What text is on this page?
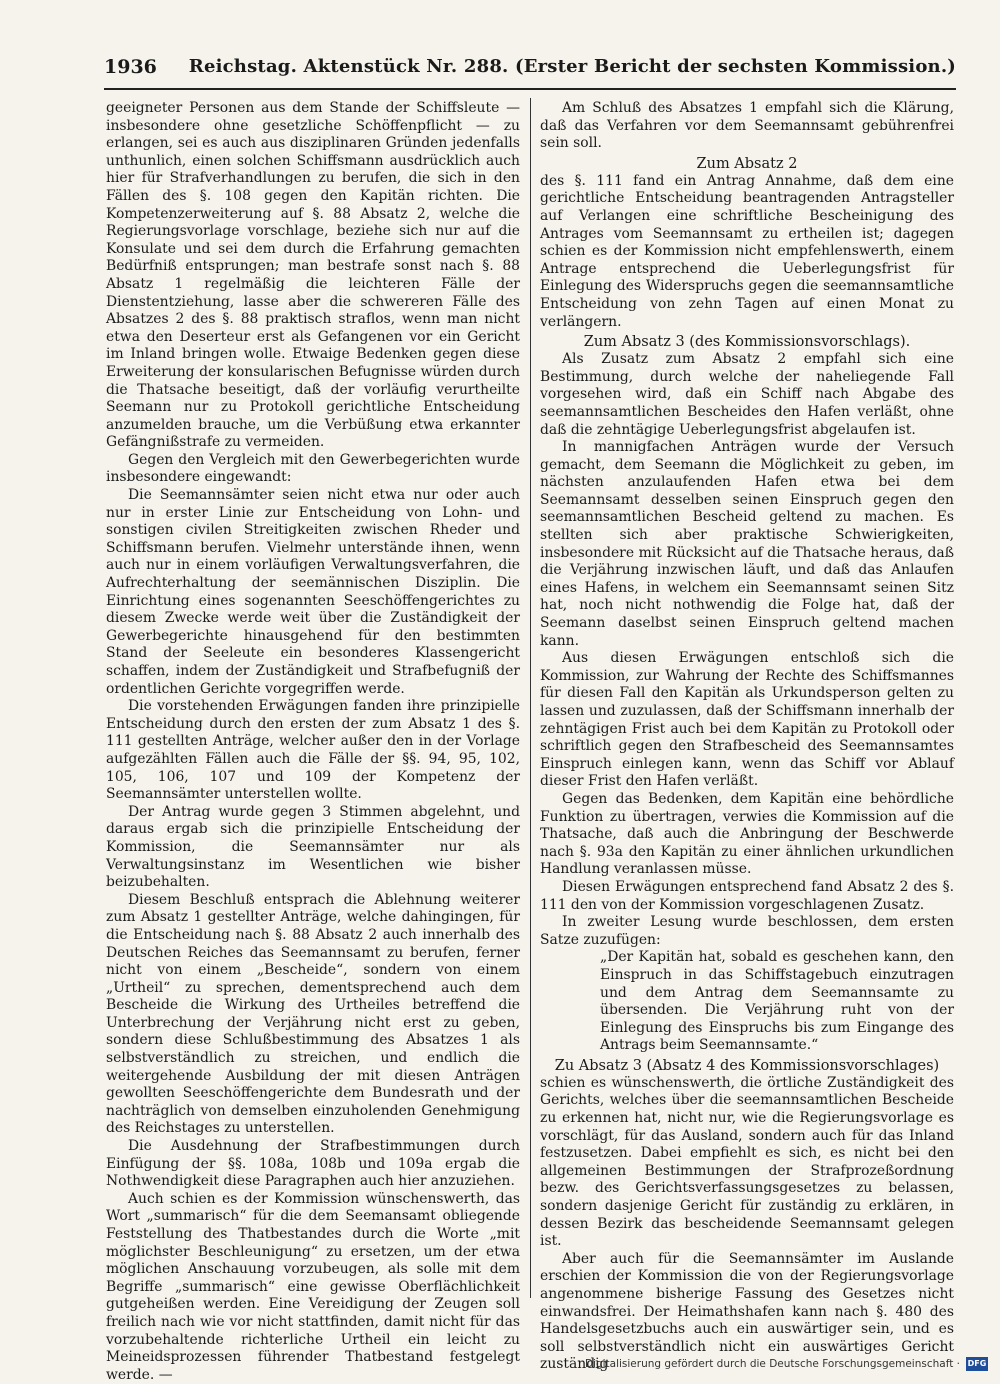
1936 Reichstag. Aktenstück Nr. 288. (Erster Bericht der sechsten Kommission.)

geeigneter Personen aus dem Stande der Schiffsleute — insbesondere ohne gesetzliche Schöffenpflicht — zu erlangen, sei es auch aus disziplinaren Gründen jedenfalls unthunlich, einen solchen Schiffsmann ausdrücklich auch hier für Strafverhandlungen zu berufen, die sich in den Fällen des §. 108 gegen den Kapitän richten. Die Kompetenzerweiterung auf §. 88 Absatz 2, welche die Regierungsvorlage vorschlage, beziehe sich nur auf die Konsulate und sei dem durch die Erfahrung gemachten Bedürfniß entsprungen; man bestrafe sonst nach §. 88 Absatz 1 regelmäßig die leichteren Fälle der Dienstentziehung, lasse aber die schwereren Fälle des Absatzes 2 des §. 88 praktisch straflos, wenn man nicht etwa den Deserteur erst als Gefangenen vor ein Gericht im Inland bringen wolle. Etwaige Bedenken gegen diese Erweiterung der konsularischen Befugnisse würden durch die Thatsache beseitigt, daß der vorläufig verurtheilte Seemann nur zu Protokoll gerichtliche Entscheidung anzumelden brauche, um die Verbüßung etwa erkannter Gefängnißstrafe zu vermeiden.

Gegen den Vergleich mit den Gewerbegerichten wurde insbesondere eingewandt:

Die Seemannsämter seien nicht etwa nur oder auch nur in erster Linie zur Entscheidung von Lohn- und sonstigen civilen Streitigkeiten zwischen Rheder und Schiffsmann berufen. Vielmehr unterstände ihnen, wenn auch nur in einem vorläufigen Verwaltungsverfahren, die Aufrechterhaltung der seemännischen Disziplin. Die Einrichtung eines sogenannten Seeschöffengerichtes zu diesem Zwecke werde weit über die Zuständigkeit der Gewerbegerichte hinausgehend für den bestimmten Stand der Seeleute ein besonderes Klassengericht schaffen, indem der Zuständigkeit und Strafbefugniß der ordentlichen Gerichte vorgegriffen werde.

Die vorstehenden Erwägungen fanden ihre prinzipielle Entscheidung durch den ersten der zum Absatz 1 des §. 111 gestellten Anträge, welcher außer den in der Vorlage aufgezählten Fällen auch die Fälle der §§. 94, 95, 102, 105, 106, 107 und 109 der Kompetenz der Seemannsämter unterstellen wollte.

Der Antrag wurde gegen 3 Stimmen abgelehnt, und daraus ergab sich die prinzipielle Entscheidung der Kommission, die Seemannsämter nur als Verwaltungsinstanz im Wesentlichen wie bisher beizubehalten.

Diesem Beschluß entsprach die Ablehnung weiterer zum Absatz 1 gestellter Anträge, welche dahingingen, für die Entscheidung nach §. 88 Absatz 2 auch innerhalb des Deutschen Reiches das Seemannsamt zu berufen, ferner nicht von einem „Bescheide“, sondern von einem „Urtheil“ zu sprechen, dementsprechend auch dem Bescheide die Wirkung des Urtheiles betreffend die Unterbrechung der Verjährung nicht erst zu geben, sondern diese Schlußbestimmung des Absatzes 1 als selbstverständlich zu streichen, und endlich die weitergehende Ausbildung der mit diesen Anträgen gewollten Seeschöffengerichte dem Bundesrath und der nachträglich von demselben einzuholenden Genehmigung des Reichstages zu unterstellen.

Die Ausdehnung der Strafbestimmungen durch Einfügung der §§. 108a, 108b und 109a ergab die Nothwendigkeit diese Paragraphen auch hier anzuziehen.

Auch schien es der Kommission wünschenswerth, das Wort „summarisch“ für die dem Seemansamt obliegende Feststellung des Thatbestandes durch die Worte „mit möglichster Beschleunigung“ zu ersetzen, um der etwa möglichen Anschauung vorzubeugen, als solle mit dem Begriffe „summarisch“ eine gewisse Oberflächlichkeit gutgeheißen werden. Eine Vereidigung der Zeugen soll freilich nach wie vor nicht stattfinden, damit nicht für das vorzubehaltende richterliche Urtheil ein leicht zu Meineidsprozessen führender Thatbestand festgelegt werde. —

Am Schluß des Absatzes 1 empfahl sich die Klärung, daß das Verfahren vor dem Seemannsamt gebührenfrei sein soll.

Zum Absatz 2

des §. 111 fand ein Antrag Annahme, daß dem eine gerichtliche Entscheidung beantragenden Antragsteller auf Verlangen eine schriftliche Bescheinigung des Antrages vom Seemannsamt zu ertheilen ist; dagegen schien es der Kommission nicht empfehlenswerth, einem Antrage entsprechend die Ueberlegungsfrist für Einlegung des Widerspruchs gegen die seemannsamtliche Entscheidung von zehn Tagen auf einen Monat zu verlängern.

Zum Absatz 3 (des Kommissionsvorschlags).

Als Zusatz zum Absatz 2 empfahl sich eine Bestimmung, durch welche der naheliegende Fall vorgesehen wird, daß ein Schiff nach Abgabe des seemannsamtlichen Bescheides den Hafen verläßt, ohne daß die zehntägige Ueberlegungsfrist abgelaufen ist.

In mannigfachen Anträgen wurde der Versuch gemacht, dem Seemann die Möglichkeit zu geben, im nächsten anzulaufenden Hafen etwa bei dem Seemannsamt desselben seinen Einspruch gegen den seemannsamtlichen Bescheid geltend zu machen. Es stellten sich aber praktische Schwierigkeiten, insbesondere mit Rücksicht auf die Thatsache heraus, daß die Verjährung inzwischen läuft, und daß das Anlaufen eines Hafens, in welchem ein Seemannsamt seinen Sitz hat, noch nicht nothwendig die Folge hat, daß der Seemann daselbst seinen Einspruch geltend machen kann.

Aus diesen Erwägungen entschloß sich die Kommission, zur Wahrung der Rechte des Schiffsmannes für diesen Fall den Kapitän als Urkundsperson gelten zu lassen und zuzulassen, daß der Schiffsmann innerhalb der zehntägigen Frist auch bei dem Kapitän zu Protokoll oder schriftlich gegen den Strafbescheid des Seemannsamtes Einspruch einlegen kann, wenn das Schiff vor Ablauf dieser Frist den Hafen verläßt.

Gegen das Bedenken, dem Kapitän eine behördliche Funktion zu übertragen, verwies die Kommission auf die Thatsache, daß auch die Anbringung der Beschwerde nach §. 93a den Kapitän zu einer ähnlichen urkundlichen Handlung veranlassen müsse.

Diesen Erwägungen entsprechend fand Absatz 2 des §. 111 den von der Kommission vorgeschlagenen Zusatz.

In zweiter Lesung wurde beschlossen, dem ersten Satze zuzufügen:

„Der Kapitän hat, sobald es geschehen kann, den Einspruch in das Schiffstagebuch einzutragen und dem Antrag dem Seemannsamte zu übersenden. Die Verjährung ruht von der Einlegung des Einspruchs bis zum Eingange des Antrags beim Seemannsamte.“

Zu Absatz 3 (Absatz 4 des Kommissionsvorschlages)

schien es wünschenswerth, die örtliche Zuständigkeit des Gerichts, welches über die seemannsamtlichen Bescheide zu erkennen hat, nicht nur, wie die Regierungsvorlage es vorschlägt, für das Ausland, sondern auch für das Inland festzusetzen. Dabei empfiehlt es sich, es nicht bei den allgemeinen Bestimmungen der Strafprozeßordnung bezw. des Gerichtsverfassungsgesetzes zu belassen, sondern dasjenige Gericht für zuständig zu erklären, in dessen Bezirk das bescheidende Seemannsamt gelegen ist.

Aber auch für die Seemannsämter im Auslande erschien der Kommission die von der Regierungsvorlage angenommene bisherige Fassung des Gesetzes nicht einwandsfrei. Der Heimathshafen kann nach §. 480 des Handelsgesetzbuchs auch ein auswärtiger sein, und es soll selbstverständlich nicht ein auswärtiges Gericht zuständig

Digitalisierung gefördert durch die Deutsche Forschungsgemeinschaft · DFG
